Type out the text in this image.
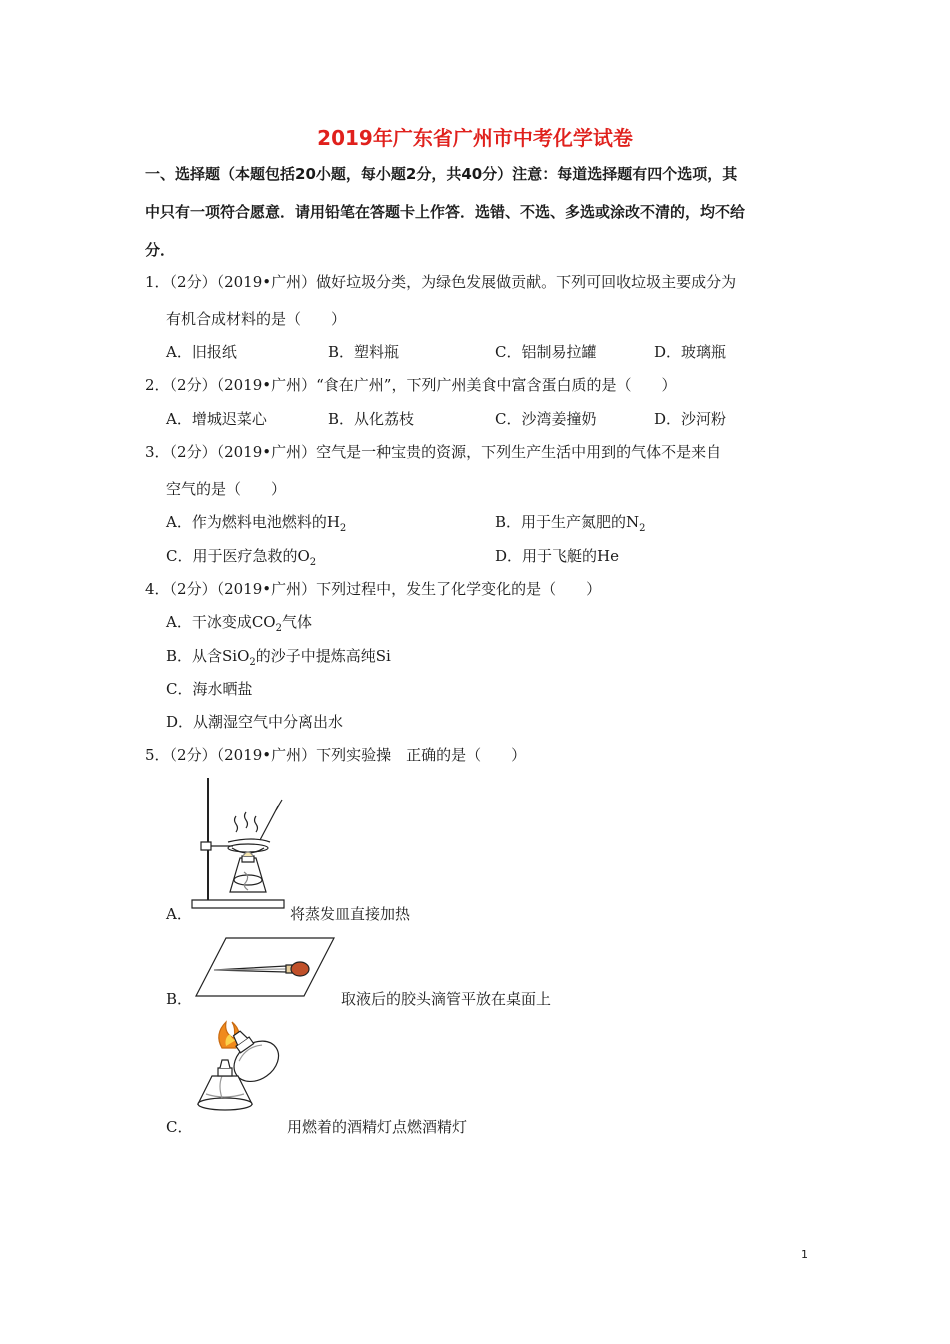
2019年广东省广州市中考化学试卷
一、选择题（本题包括20小题，每小题2分，共40分）注意：每道选择题有四个选项，其
中只有一项符合愿意．请用铅笔在答题卡上作答．选错、不选、多选或涂改不清的，均不给
分．
1．（2分）（2019•广州）做好垃圾分类，为绿色发展做贡献。下列可回收垃圾主要成分为
有机合成材料的是（　　）
A．旧报纸	B．塑料瓶	C．铝制易拉罐	D．玻璃瓶
2．（2分）（2019•广州）“食在广州”，下列广州美食中富含蛋白质的是（　　）
A．增城迟菜心	B．从化荔枝	C．沙湾姜撞奶	D．沙河粉
3．（2分）（2019•广州）空气是一种宝贵的资源，下列生产生活中用到的气体不是来自
空气的是（　　）
A．作为燃料电池燃料的$H_2$	B．用于生产氮肥的$N_2$
C．用于医疗急救的$O_2$	D．用于飞艇的He
4．（2分）（2019•广州）下列过程中，发生了化学变化的是（　　）
A．干冰变成$CO_2$气体
B．从含SiO$_2$的沙子中提炼高纯Si
C．海水晒盐
D．从潮湿空气中分离出水
5．（2分）（2019•广州）下列实验操　正确的是（　　）
A．	将蒸发皿直接加热
B．	取液后的胶头滴管平放在桌面上
C．	用燃着的酒精灯点燃酒精灯
1
